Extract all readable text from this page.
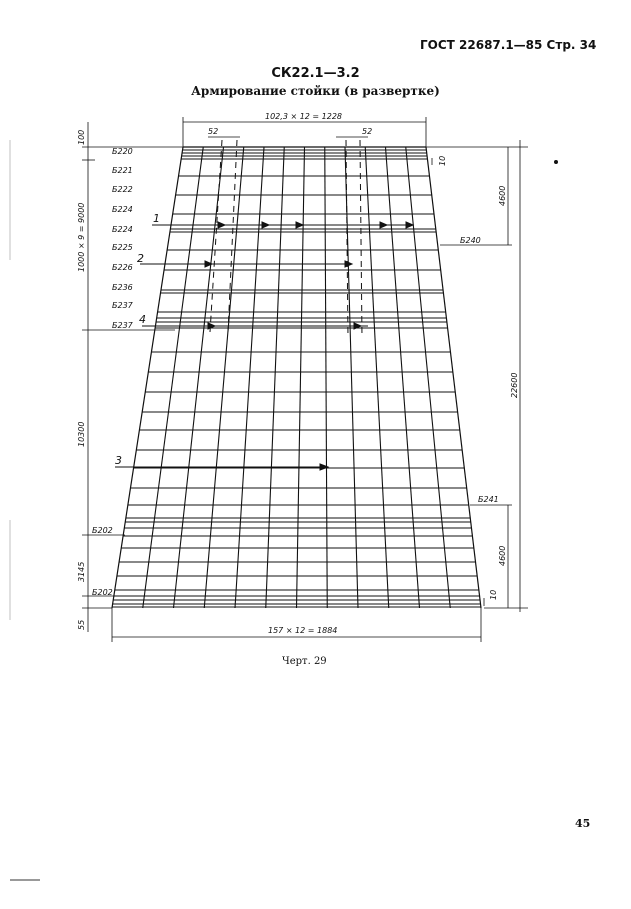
ГОСТ 22687.1—85 Стр. 34
СК22.1—3.2
Армирование стойки (в развертке)
102,3 × 12 = 1228
52	52
157 × 12 = 1884
100
1000 × 9 = 9000
10300
3145
55
10
4600
22600
4600
10
Б220
Б221
Б222
Б224
Б224
Б225
Б226
Б236
Б237
Б237
Б202
Б202
Б240
Б241
1
2
3
4
Черт. 29
45
